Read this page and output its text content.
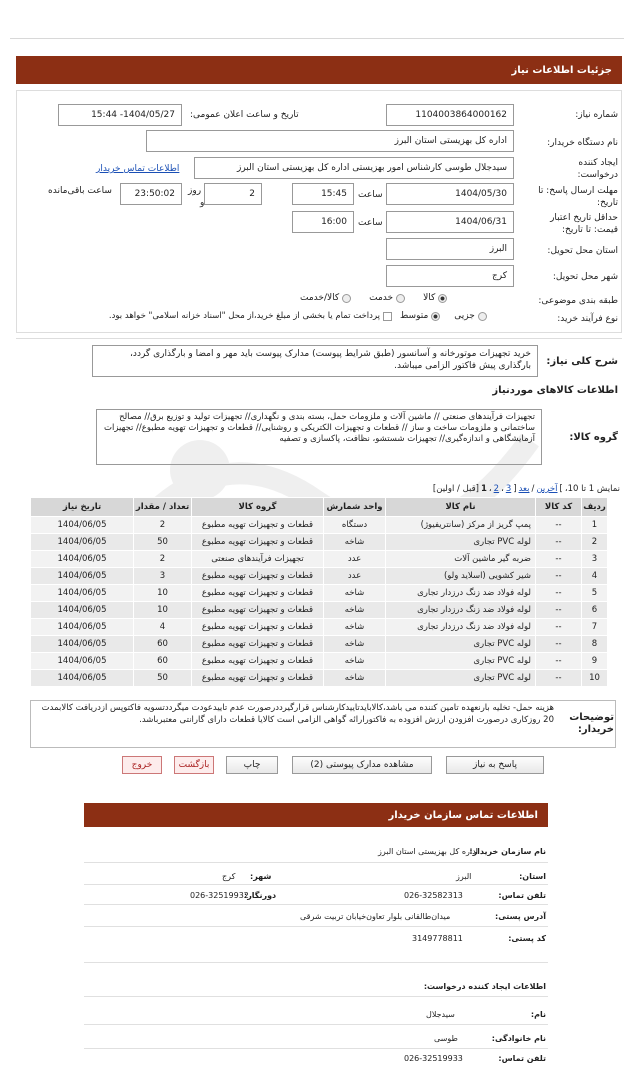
جزئیات اطلاعات نیاز
شماره نیاز:
1104003864000162
تاریخ و ساعت اعلان عمومی:
1404/05/27- 15:44
نام دستگاه خریدار:
اداره کل بهزیستی استان البرز
ایجاد کننده
درخواست:
سیدجلال طوسی کارشناس امور بهزیستی اداره کل بهزیستی استان البرز
اطلاعات تماس خریدار
مهلت ارسال پاسخ: تا
تاریخ:
1404/05/30
ساعت
15:45
2
روز
و
23:50:02
ساعت باقی‌مانده
حداقل تاریخ اعتبار
قیمت: تا تاریخ:
1404/06/31
ساعت
16:00
استان محل تحویل:
البرز
شهر محل تحویل:
کرج
طبقه بندی موضوعی:
کالا
خدمت
کالا/خدمت
نوع فرآیند خرید:
جزیی
متوسط
پرداخت تمام یا بخشی از مبلغ خرید،از محل "اسناد خزانه اسلامی" خواهد بود.
شرح کلی نیاز:
خرید تجهیزات موتورخانه و آسانسور (طبق شرایط پیوست) مدارک پیوست باید مهر و امضا و بارگذاری گردد، بارگذاری پیش فاکتور الزامی میباشد.
اطلاعات کالاهای موردنیاز
گروه کالا:
تجهیزات فرآیندهای صنعتی // ماشین آلات و ملزومات حمل، بسته بندی و نگهداری// تجهیزات تولید و توزیع برق// مصالح ساختمانی و ملزومات ساخت و ساز // قطعات و تجهیزات الکتریکی و روشنایی// قطعات و تجهیزات تهویه مطبوع// تجهیزات آزمایشگاهی و اندازه‌گیری// تجهیزات شستشو، نظافت، پاکسازی و تصفیه
نمایش 1 تا 10،
]
آخرین
/
بعد
[
3
،
2
،
1
[قبل / اولین]
ردیف	کد کالا	نام کالا	واحد شمارش	گروه کالا	تعداد / مقدار	تاریخ نیاز
1	--	پمپ گریز از مرکز (سانتریفیوژ)	دستگاه	قطعات و تجهیزات تهویه مطبوع	2	1404/06/05
2	--	لوله PVC تجاری	شاخه	قطعات و تجهیزات تهویه مطبوع	50	1404/06/05
3	--	ضربه گیر ماشین آلات	عدد	تجهیزات فرآیندهای صنعتی	2	1404/06/05
4	--	شیر کشویی (اسلاید ولو)	عدد	قطعات و تجهیزات تهویه مطبوع	3	1404/06/05
5	--	لوله فولاد ضد زنگ درزدار تجاری	شاخه	قطعات و تجهیزات تهویه مطبوع	10	1404/06/05
6	--	لوله فولاد ضد زنگ درزدار تجاری	شاخه	قطعات و تجهیزات تهویه مطبوع	10	1404/06/05
7	--	لوله فولاد ضد زنگ درزدار تجاری	شاخه	قطعات و تجهیزات تهویه مطبوع	4	1404/06/05
8	--	لوله PVC تجاری	شاخه	قطعات و تجهیزات تهویه مطبوع	60	1404/06/05
9	--	لوله PVC تجاری	شاخه	قطعات و تجهیزات تهویه مطبوع	60	1404/06/05
10	--	لوله PVC تجاری	شاخه	قطعات و تجهیزات تهویه مطبوع	50	1404/06/05
توضیحات
خریدار:
هزینه حمل- تخلیه بارنعهده تامین کننده می باشد،کالابایدتاییدکارشناس قرارگیرددرصورت عدم تاییدعودت میگرددتسویه فاکتوپس ازدریافت کالابمدت 20 روزکاری درصورت افزودن ارزش افزوده به فاکتورارائه گواهی الزامی است کالایا قطعات دارای گارانتی معتبرباشد.
پاسخ به نیاز
مشاهده مدارک پیوستی (2)
چاپ
بازگشت
خروج
اطلاعات تماس سازمان خریدار
نام سازمان خریدار:
اداره کل بهزیستی استان البرز
استان:
البرز
شهر:
کرج
تلفن تماس:
026-32582313
دورنگار:
026-32519932
آدرس پستی:
میدان‌طالقانی بلوار تعاون‌خیابان تربیت شرقی
کد پستی:
3149778811
اطلاعات ایجاد کننده درخواست:
نام:
سیدجلال
نام خانوادگی:
طوسی
تلفن تماس:
026-32519933
